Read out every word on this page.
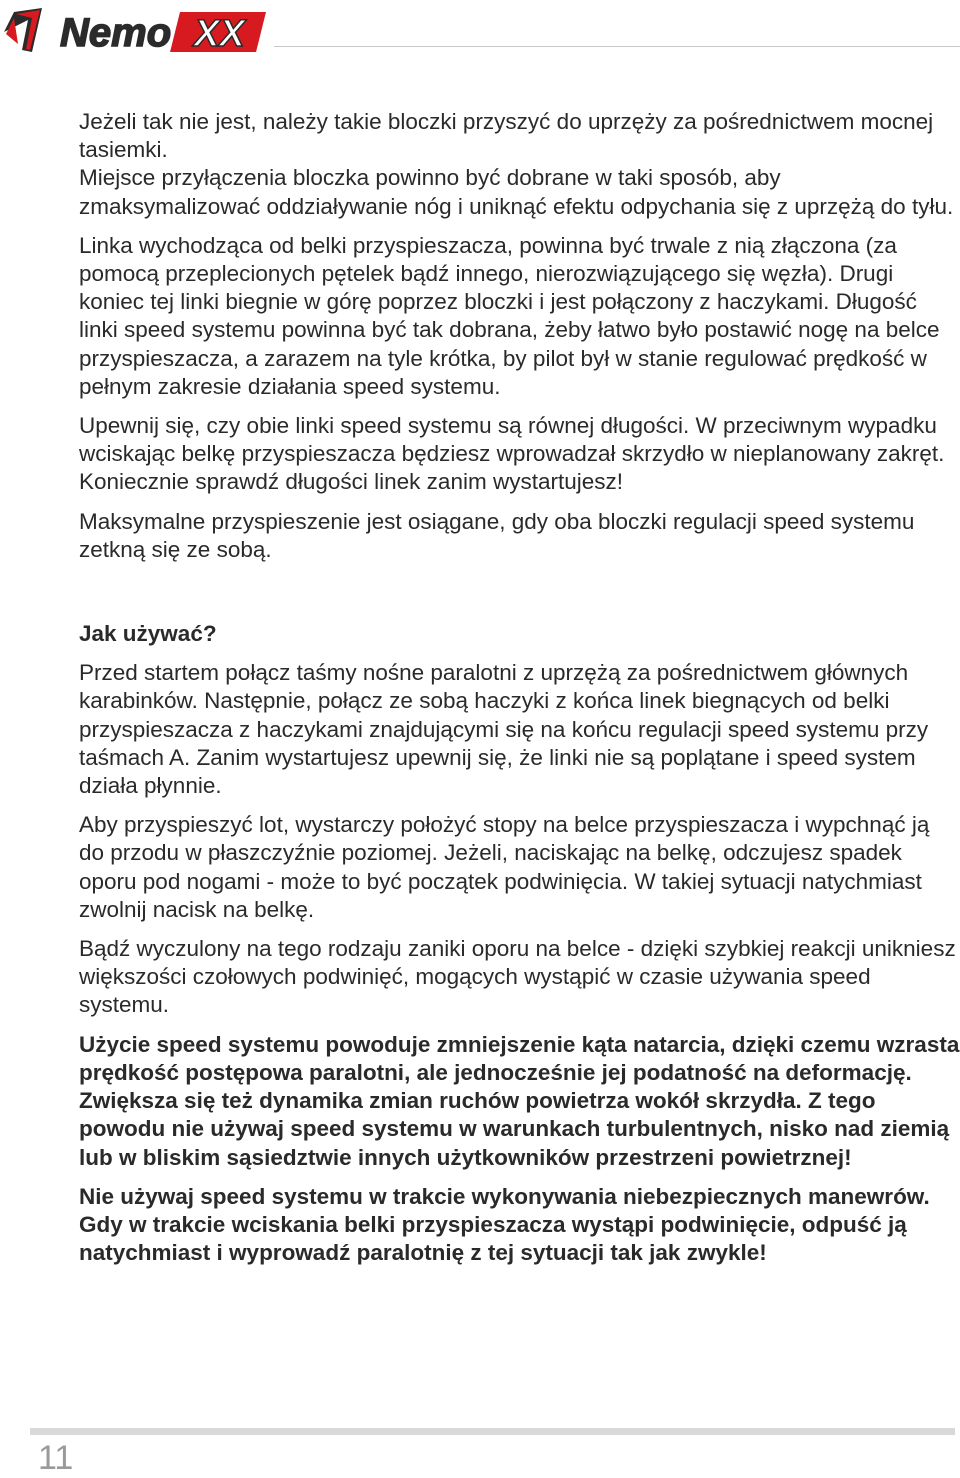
Nemo XX

Jeżeli tak nie jest, należy takie bloczki przyszyć do uprzęży za pośrednictwem mocnej tasiemki.

Miejsce przyłączenia bloczka powinno być dobrane w taki sposób, aby zmaksymalizować oddziaływanie nóg i uniknąć efektu odpychania się z uprzężą do tyłu.

Linka wychodząca od belki przyspieszacza, powinna być trwale z nią złączona (za pomocą przeplecionych pętelek bądź innego, nierozwiązującego się węzła). Drugi koniec tej linki biegnie w górę poprzez bloczki i jest połączony z haczykami. Długość linki speed systemu powinna być tak dobrana, żeby łatwo było postawić nogę na belce przyspieszacza, a zarazem na tyle krótka, by pilot był w stanie regulować prędkość w pełnym zakresie działania speed systemu.

Upewnij się, czy obie linki speed systemu są równej długości. W przeciwnym wypadku wciskając belkę przyspieszacza będziesz wprowadzał skrzydło w nieplanowany zakręt. Koniecznie sprawdź długości linek zanim wystartujesz!

Maksymalne przyspieszenie jest osiągane, gdy oba bloczki regulacji speed systemu zetkną się ze sobą.

Jak używać?

Przed startem połącz taśmy nośne paralotni z uprzężą za pośrednictwem głównych karabinków. Następnie, połącz ze sobą haczyki z końca linek biegnących od belki przyspieszacza z haczykami znajdującymi się na końcu regulacji speed systemu przy taśmach A. Zanim wystartujesz upewnij się, że linki nie są poplątane i speed system działa płynnie.

Aby przyspieszyć lot, wystarczy położyć stopy na belce przyspieszacza i wypchnąć ją do przodu w płaszczyźnie poziomej. Jeżeli, naciskając na belkę, odczujesz spadek oporu pod nogami - może to być początek podwinięcia. W takiej sytuacji natychmiast zwolnij nacisk na belkę.

Bądź wyczulony na tego rodzaju zaniki oporu na belce - dzięki szybkiej reakcji unikniesz większości czołowych podwinięć, mogących wystąpić w czasie używania speed systemu.

Użycie speed systemu powoduje zmniejszenie kąta natarcia, dzięki czemu wzrasta prędkość postępowa paralotni, ale jednocześnie jej podatność na deformację. Zwiększa się też dynamika zmian ruchów powietrza wokół skrzydła. Z tego powodu nie używaj speed systemu w warunkach turbulentnych, nisko nad ziemią lub w bliskim sąsiedztwie innych użytkowników przestrzeni powietrznej!

Nie używaj speed systemu w trakcie wykonywania niebezpiecznych manewrów. Gdy w trakcie wciskania belki przyspieszacza wystąpi podwinięcie, odpuść ją natychmiast i wyprowadź paralotnię z tej sytuacji tak jak zwykle!

11
